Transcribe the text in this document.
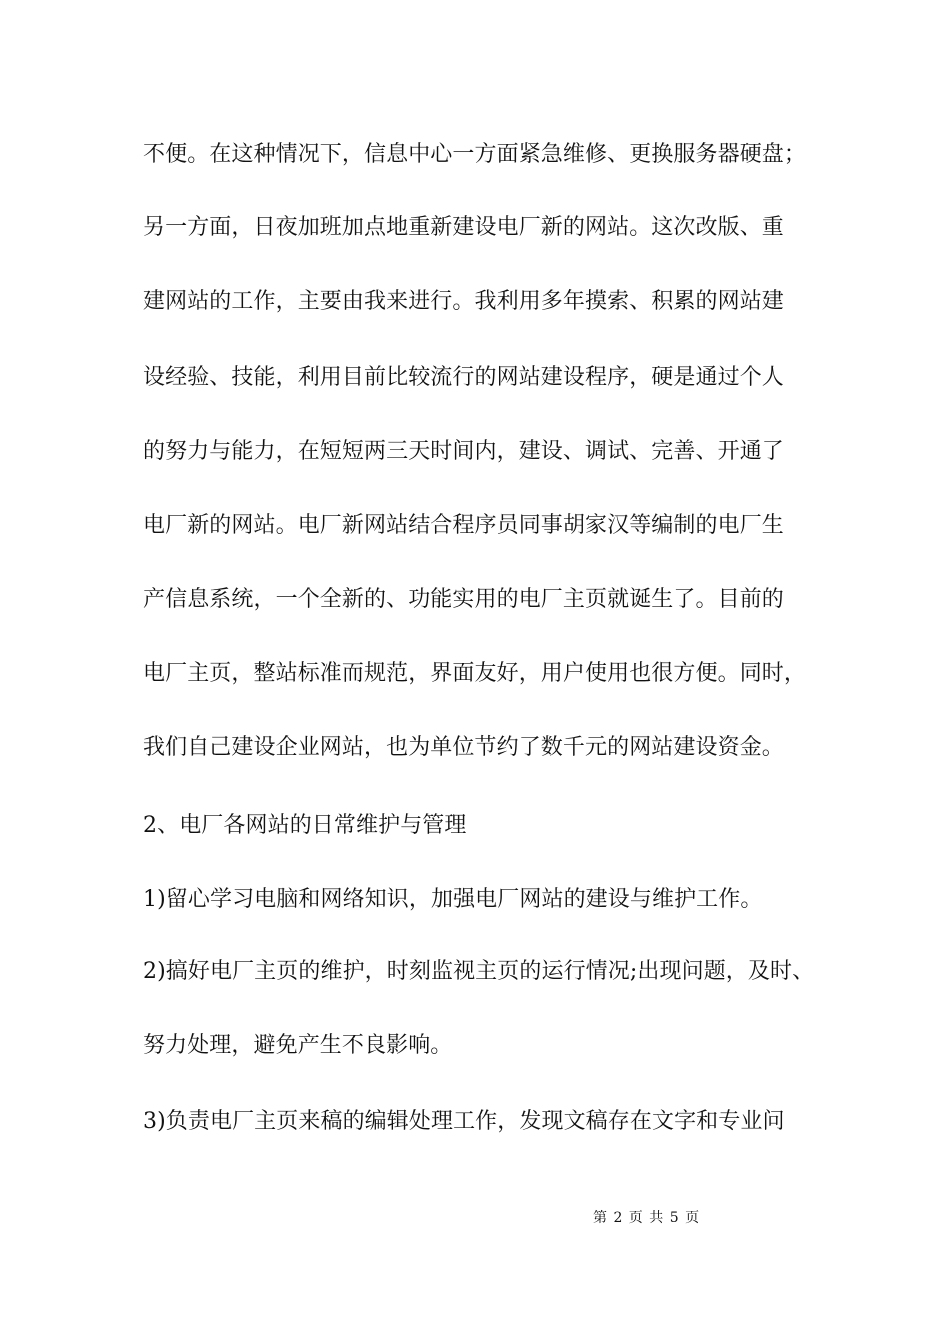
不便。在这种情况下，信息中心一方面紧急维修、更换服务器硬盘；
另一方面，日夜加班加点地重新建设电厂新的网站。这次改版、重
建网站的工作，主要由我来进行。我利用多年摸索、积累的网站建
设经验、技能，利用目前比较流行的网站建设程序，硬是通过个人
的努力与能力，在短短两三天时间内，建设、调试、完善、开通了
电厂新的网站。电厂新网站结合程序员同事胡家汉等编制的电厂生
产信息系统，一个全新的、功能实用的电厂主页就诞生了。目前的
电厂主页，整站标准而规范，界面友好，用户使用也很方便。同时，
我们自己建设企业网站，也为单位节约了数千元的网站建设资金。
2、电厂各网站的日常维护与管理
1)留心学习电脑和网络知识，加强电厂网站的建设与维护工作。
2)搞好电厂主页的维护，时刻监视主页的运行情况;出现问题，及时、
努力处理，避免产生不良影响。
3)负责电厂主页来稿的编辑处理工作，发现文稿存在文字和专业问
第 2 页 共 5 页
